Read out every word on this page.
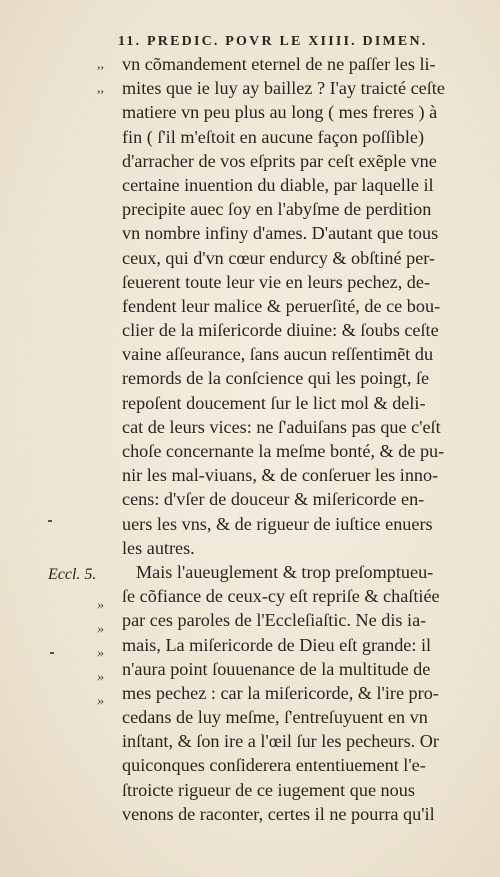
11. PREDIC. POVR LE XIIII. DIMEN.
,,
,,
»
»
»
»
»
Eccl. 5.
vn cõmandement eternel de ne paſſer les li-
mites que ie luy ay baillez ? I'ay traicté ceſte
matiere vn peu plus au long ( mes freres ) à
fin ( ſ'il m'eſtoit en aucune façon poſſible)
d'arracher de vos eſprits par ceſt exẽple vne
certaine inuention du diable, par laquelle il
precipite auec ſoy en l'abyſme de perdition
vn nombre infiny d'ames. D'autant que tous
ceux, qui d'vn cœur endurcy & obſtiné per-
ſeuerent toute leur vie en leurs pechez, de-
fendent leur malice & peruerſité, de ce bou-
clier de la miſericorde diuine: & ſoubs ceſte
vaine aſſeurance, ſans aucun reſſentimẽt du
remords de la conſcience qui les poingt, ſe
repoſent doucement ſur le lict mol & deli-
cat de leurs vices: ne ſ'aduiſans pas que c'eſt
choſe concernante la meſme bonté, & de pu-
nir les mal-viuans, & de conſeruer les inno-
cens: d'vſer de douceur & miſericorde en-
uers les vns, & de rigueur de iuſtice enuers
les autres.
Mais l'aueuglement & trop preſomptueu-
ſe cõfiance de ceux-cy eſt repriſe & chaſtiée
par ces paroles de l'Eccleſiaſtic. Ne dis ia-
mais, La miſericorde de Dieu eſt grande: il
n'aura point ſouuenance de la multitude de
mes pechez : car la miſericorde, & l'ire pro-
cedans de luy meſme, ſ'entreſuyuent en vn
inſtant, & ſon ire a l'œil ſur les pecheurs. Or
quiconques conſiderera ententiuement l'e-
ſtroicte rigueur de ce iugement que nous
venons de raconter, certes il ne pourra qu'il
